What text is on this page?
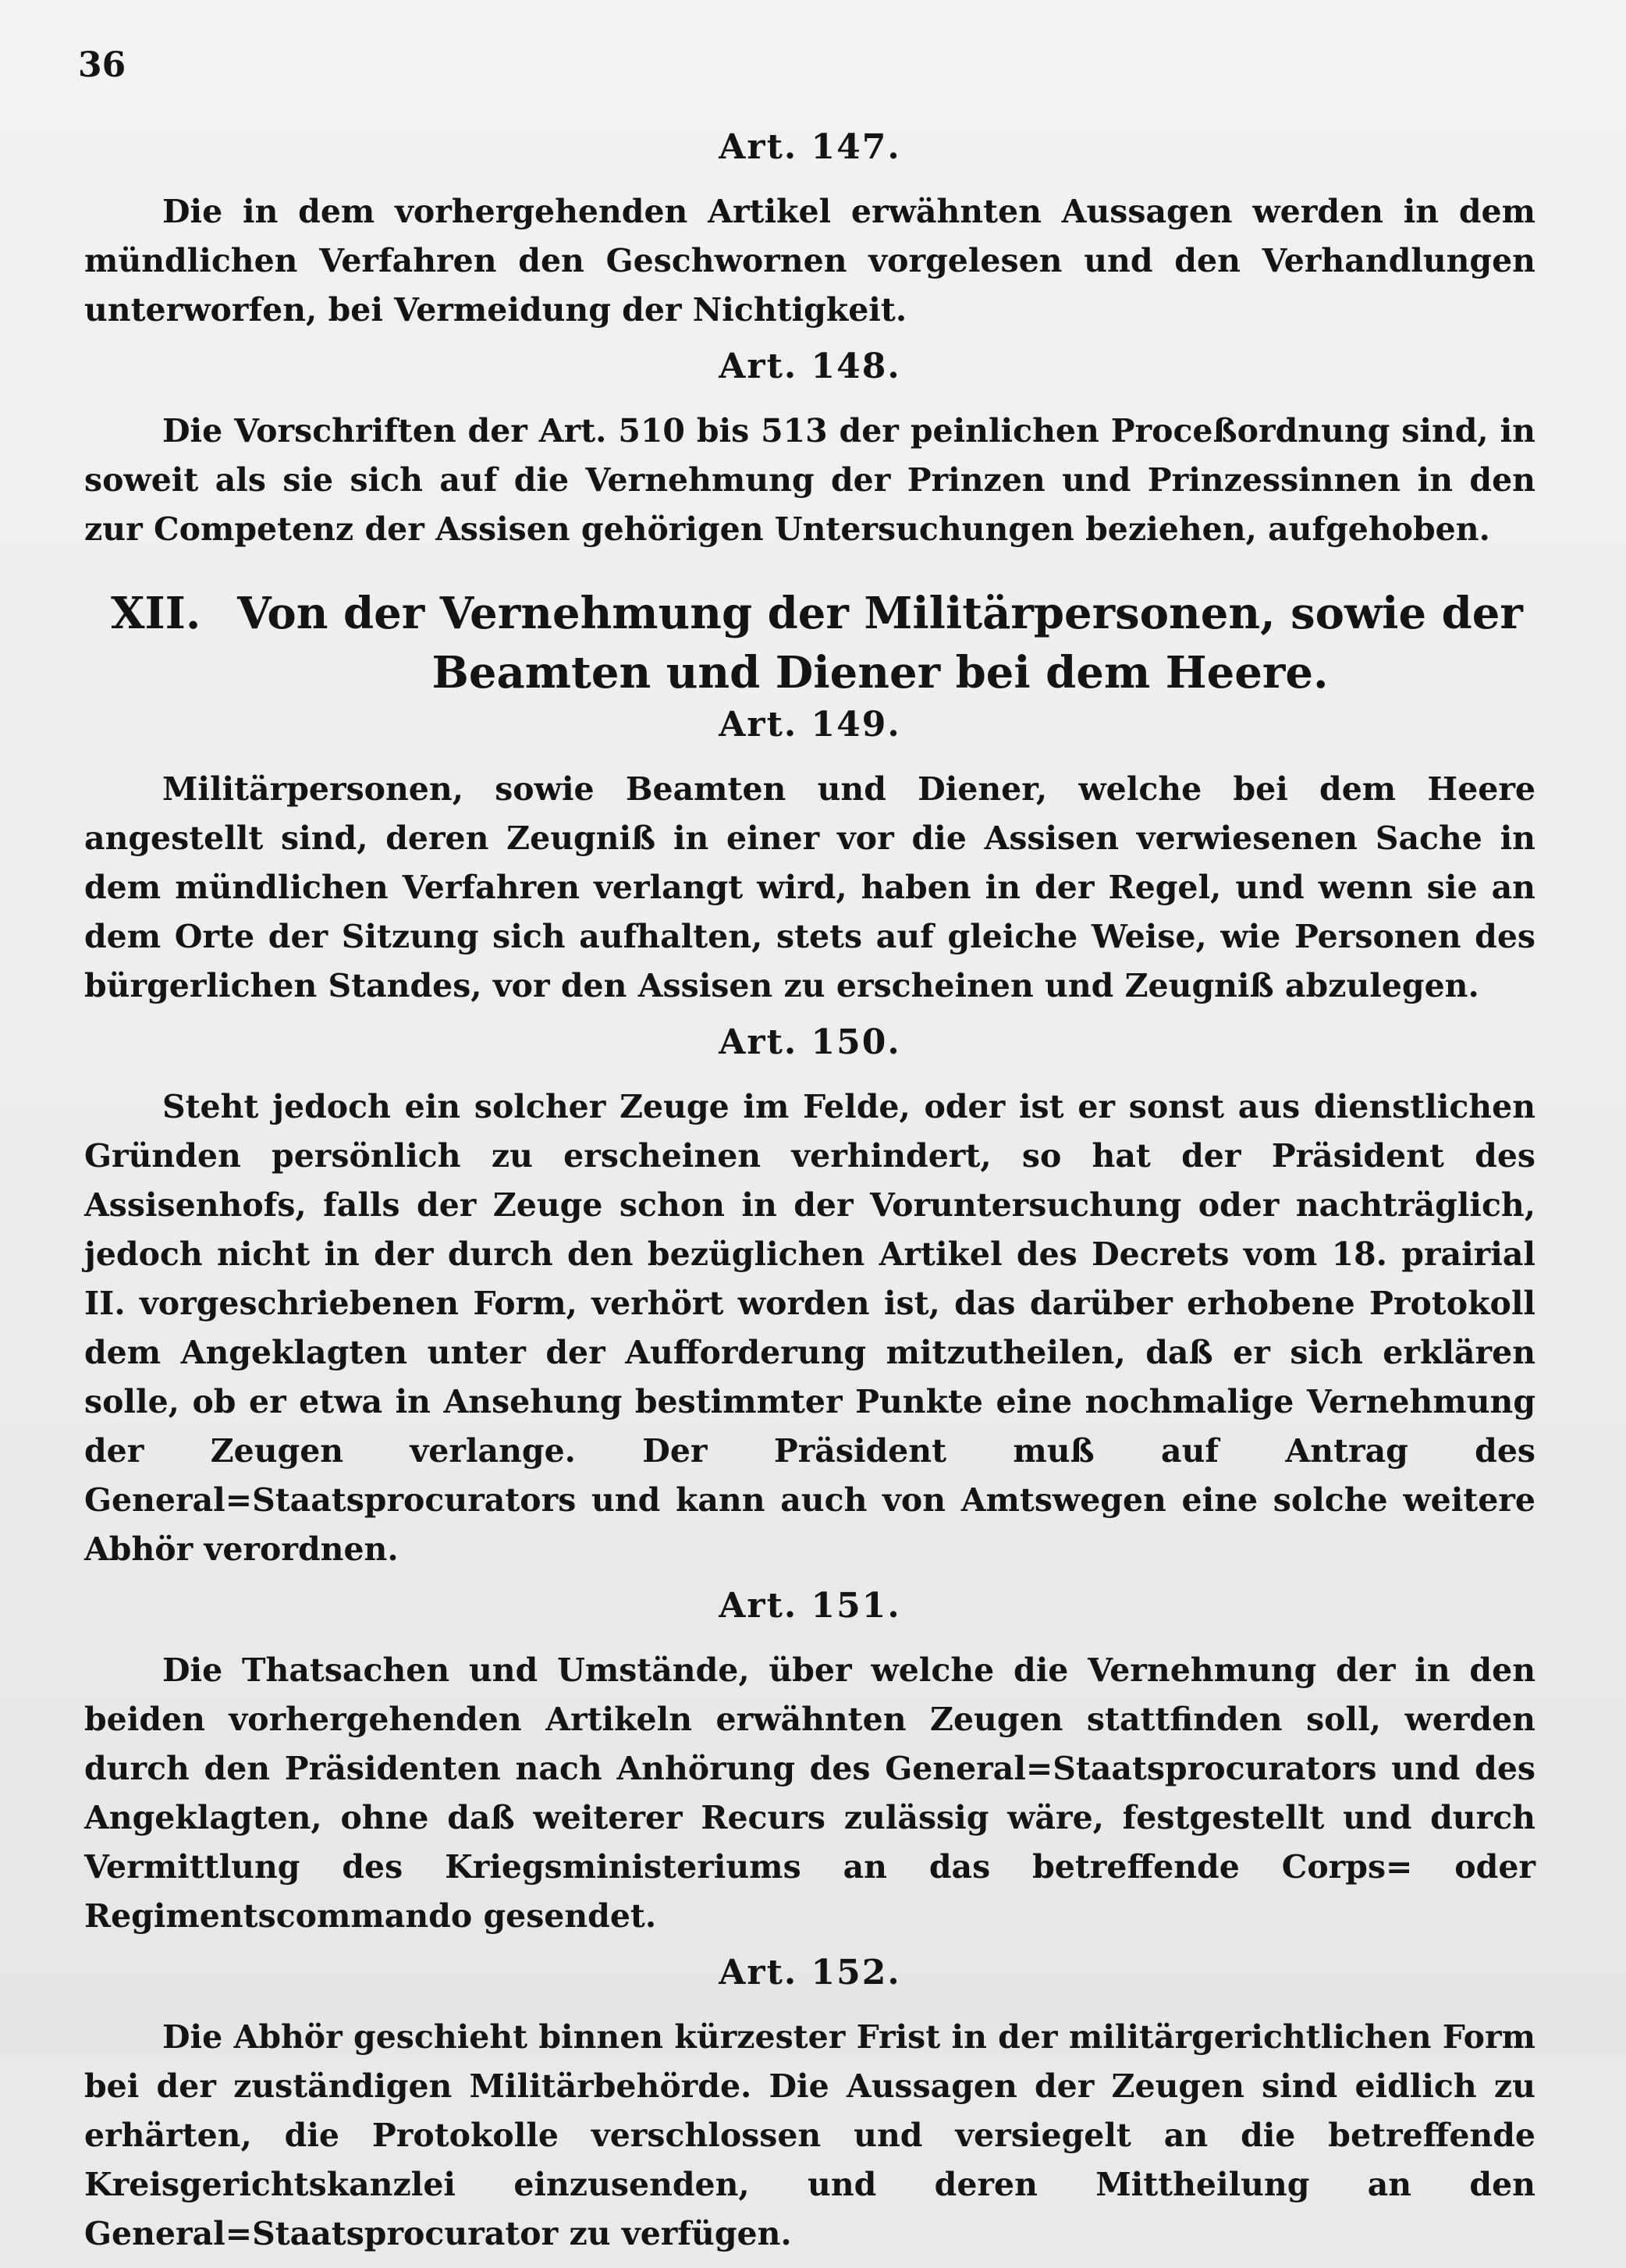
36
Art. 147.

Die in dem vorhergehenden Artikel erwähnten Aussagen werden in dem mündlichen Verfahren den Geschwornen vorgelesen und den Verhandlungen unterworfen, bei Vermeidung der Nichtigkeit.

Art. 148.

Die Vorschriften der Art. 510 bis 513 der peinlichen Proceßordnung sind, in soweit als sie sich auf die Vernehmung der Prinzen und Prinzessinnen in den zur Competenz der Assisen gehörigen Untersuchungen beziehen, aufgehoben.

XII. Von der Vernehmung der Militärpersonen, sowie der Beamten und Diener bei dem Heere.
Art. 149.

Militärpersonen, sowie Beamten und Diener, welche bei dem Heere angestellt sind, deren Zeugniß in einer vor die Assisen verwiesenen Sache in dem mündlichen Verfahren verlangt wird, haben in der Regel, und wenn sie an dem Orte der Sitzung sich aufhalten, stets auf gleiche Weise, wie Personen des bürgerlichen Standes, vor den Assisen zu erscheinen und Zeugniß abzulegen.

Art. 150.

Steht jedoch ein solcher Zeuge im Felde, oder ist er sonst aus dienstlichen Gründen persönlich zu erscheinen verhindert, so hat der Präsident des Assisenhofs, falls der Zeuge schon in der Voruntersuchung oder nachträglich, jedoch nicht in der durch den bezüglichen Artikel des Decrets vom 18. prairial II. vorgeschriebenen Form, verhört worden ist, das darüber erhobene Protokoll dem Angeklagten unter der Aufforderung mitzutheilen, daß er sich erklären solle, ob er etwa in Ansehung bestimmter Punkte eine nochmalige Vernehmung der Zeugen verlange. Der Präsident muß auf Antrag des General=Staatsprocurators und kann auch von Amtswegen eine solche weitere Abhör verordnen.

Art. 151.

Die Thatsachen und Umstände, über welche die Vernehmung der in den beiden vorhergehenden Artikeln erwähnten Zeugen stattfinden soll, werden durch den Präsidenten nach Anhörung des General=Staatsprocurators und des Angeklagten, ohne daß weiterer Recurs zulässig wäre, festgestellt und durch Vermittlung des Kriegsministeriums an das betreffende Corps= oder Regimentscommando gesendet.

Art. 152.

Die Abhör geschieht binnen kürzester Frist in der militärgerichtlichen Form bei der zuständigen Militärbehörde. Die Aussagen der Zeugen sind eidlich zu erhärten, die Protokolle verschlossen und versiegelt an die betreffende Kreisgerichtskanzlei einzusenden, und deren Mittheilung an den General=Staatsprocurator zu verfügen.
